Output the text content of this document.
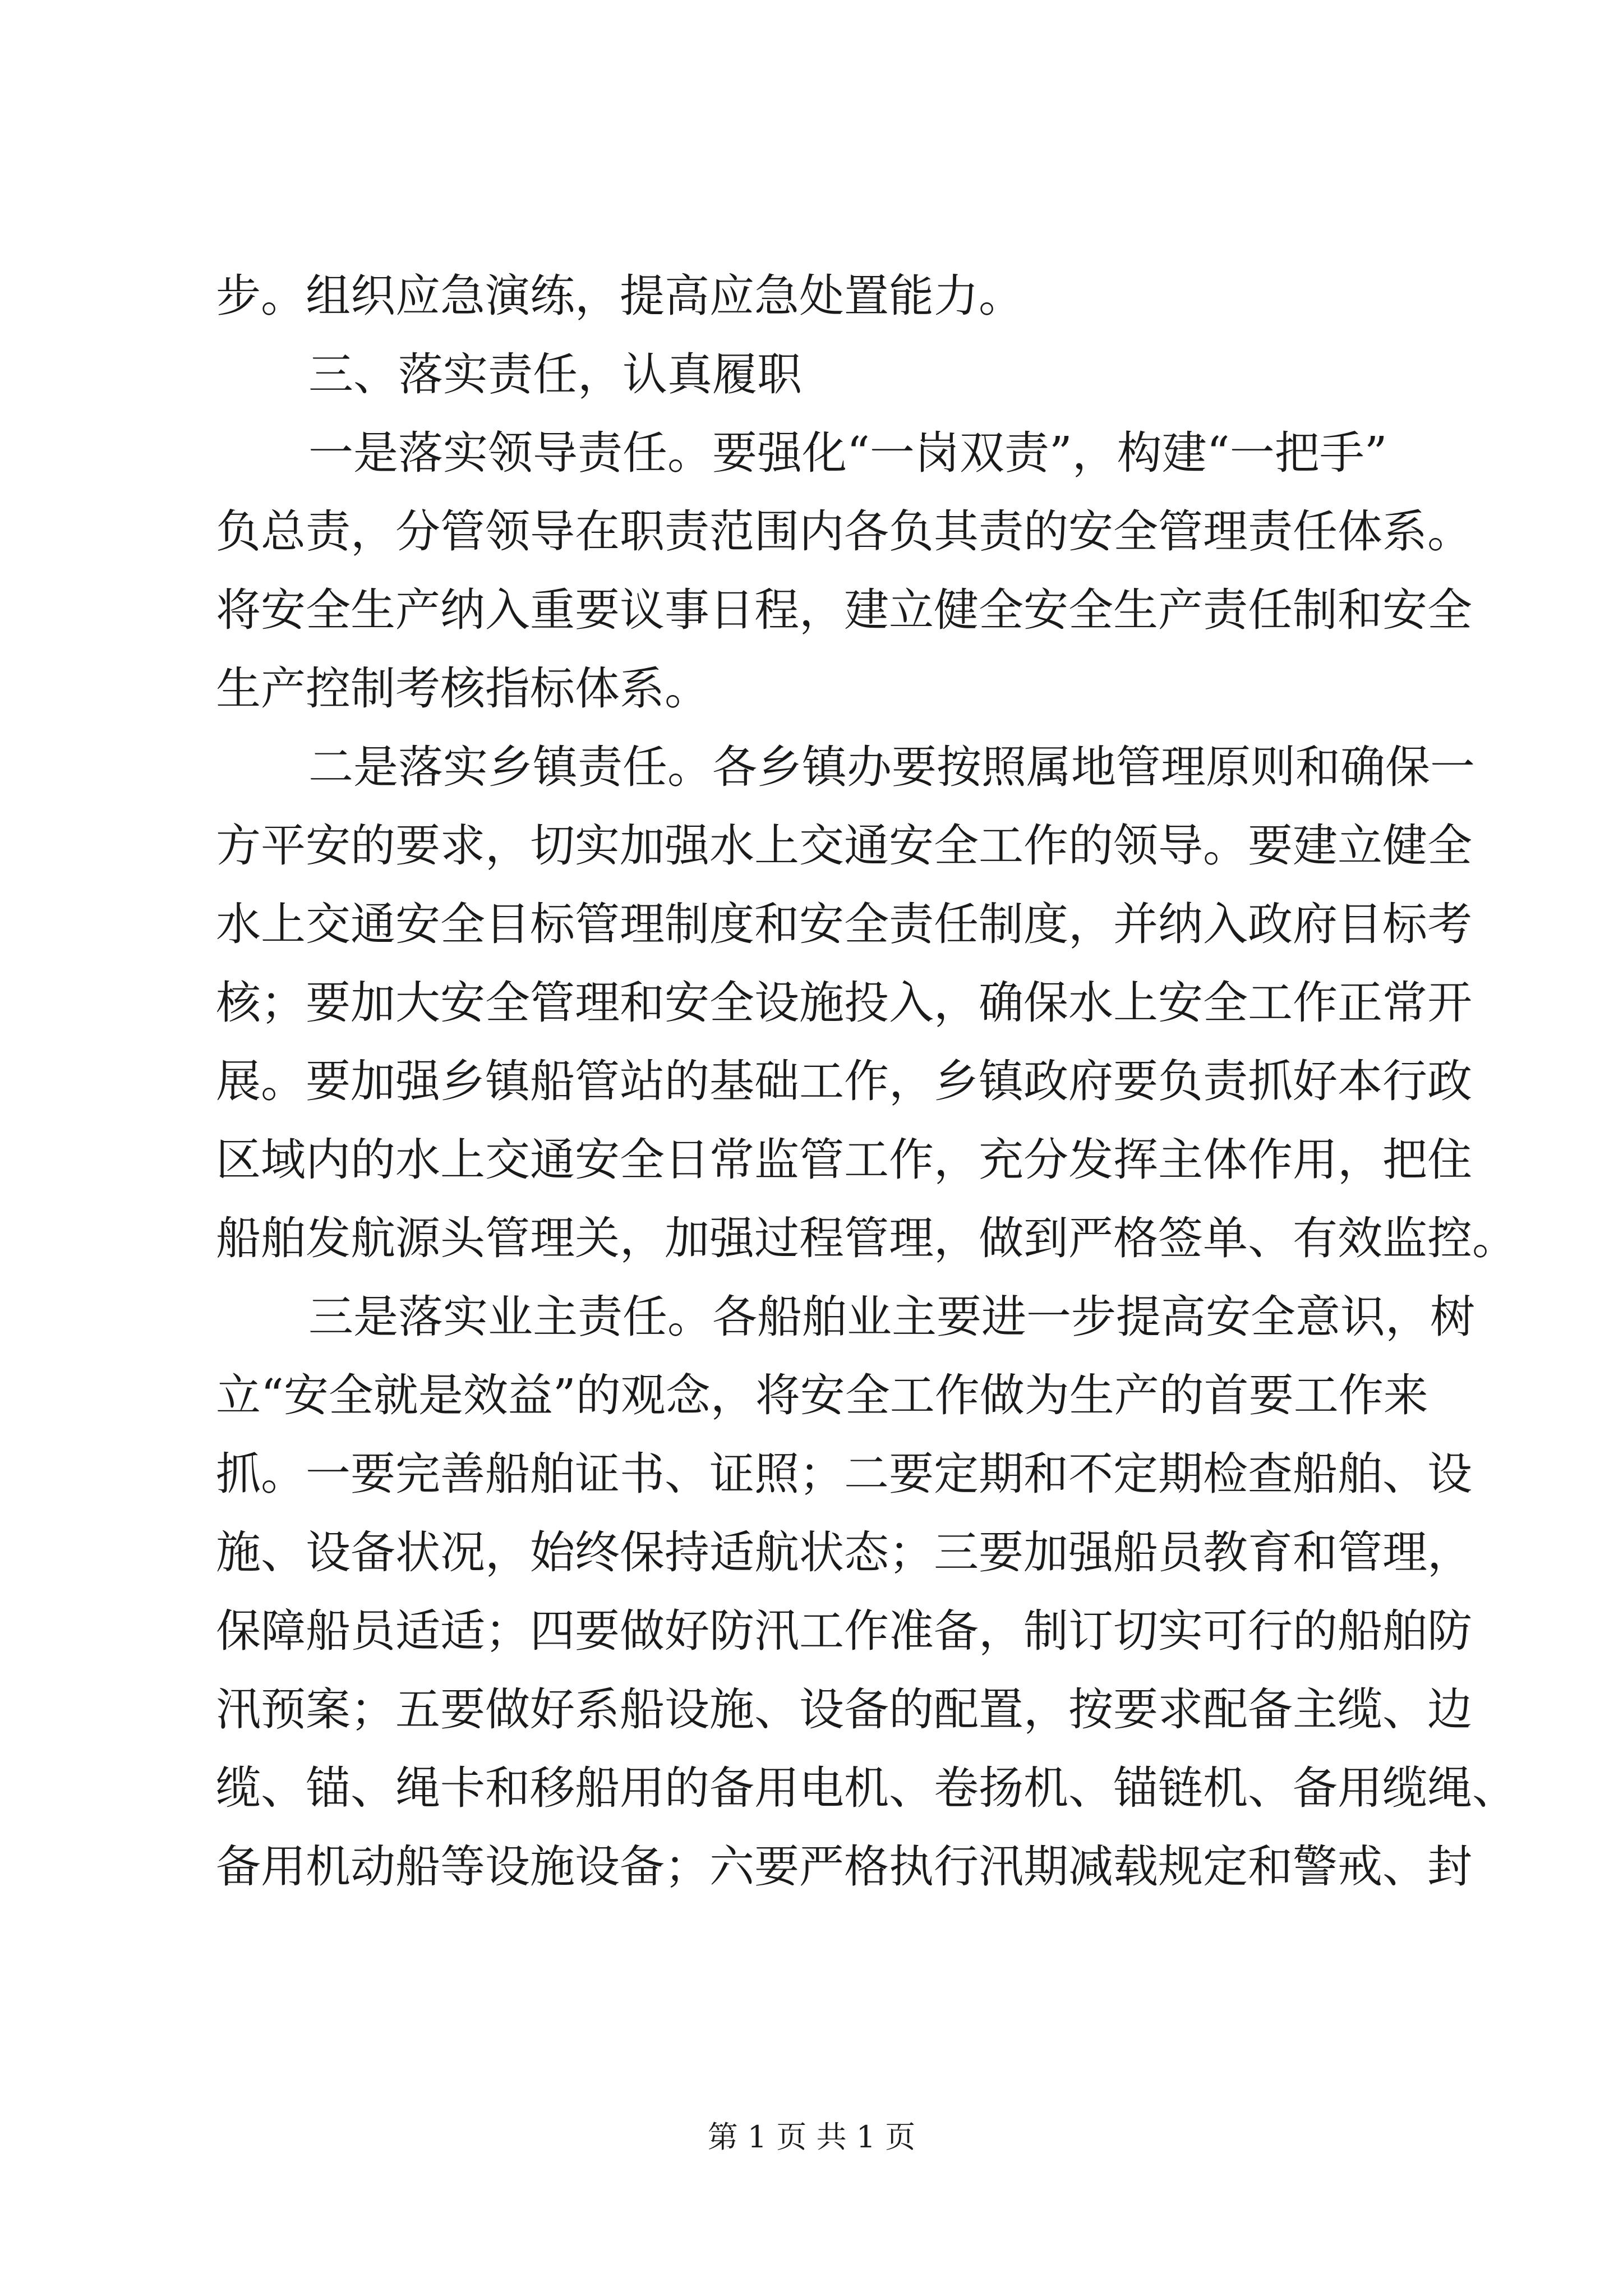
步。组织应急演练，提高应急处置能力。
三、落实责任，认真履职
一是落实领导责任。要强化“一岗双责”，构建“一把手”
负总责，分管领导在职责范围内各负其责的安全管理责任体系。
将安全生产纳入重要议事日程，建立健全安全生产责任制和安全
生产控制考核指标体系。
二是落实乡镇责任。各乡镇办要按照属地管理原则和确保一
方平安的要求，切实加强水上交通安全工作的领导。要建立健全
水上交通安全目标管理制度和安全责任制度，并纳入政府目标考
核；要加大安全管理和安全设施投入，确保水上安全工作正常开
展。要加强乡镇船管站的基础工作，乡镇政府要负责抓好本行政
区域内的水上交通安全日常监管工作，充分发挥主体作用，把住
船舶发航源头管理关，加强过程管理，做到严格签单、有效监控。
三是落实业主责任。各船舶业主要进一步提高安全意识，树
立“安全就是效益”的观念，将安全工作做为生产的首要工作来
抓。一要完善船舶证书、证照；二要定期和不定期检查船舶、设
施、设备状况，始终保持适航状态；三要加强船员教育和管理，
保障船员适适；四要做好防汛工作准备，制订切实可行的船舶防
汛预案；五要做好系船设施、设备的配置，按要求配备主缆、边
缆、锚、绳卡和移船用的备用电机、卷扬机、锚链机、备用缆绳、
备用机动船等设施设备；六要严格执行汛期减载规定和警戒、封
第 1 页 共 1 页
